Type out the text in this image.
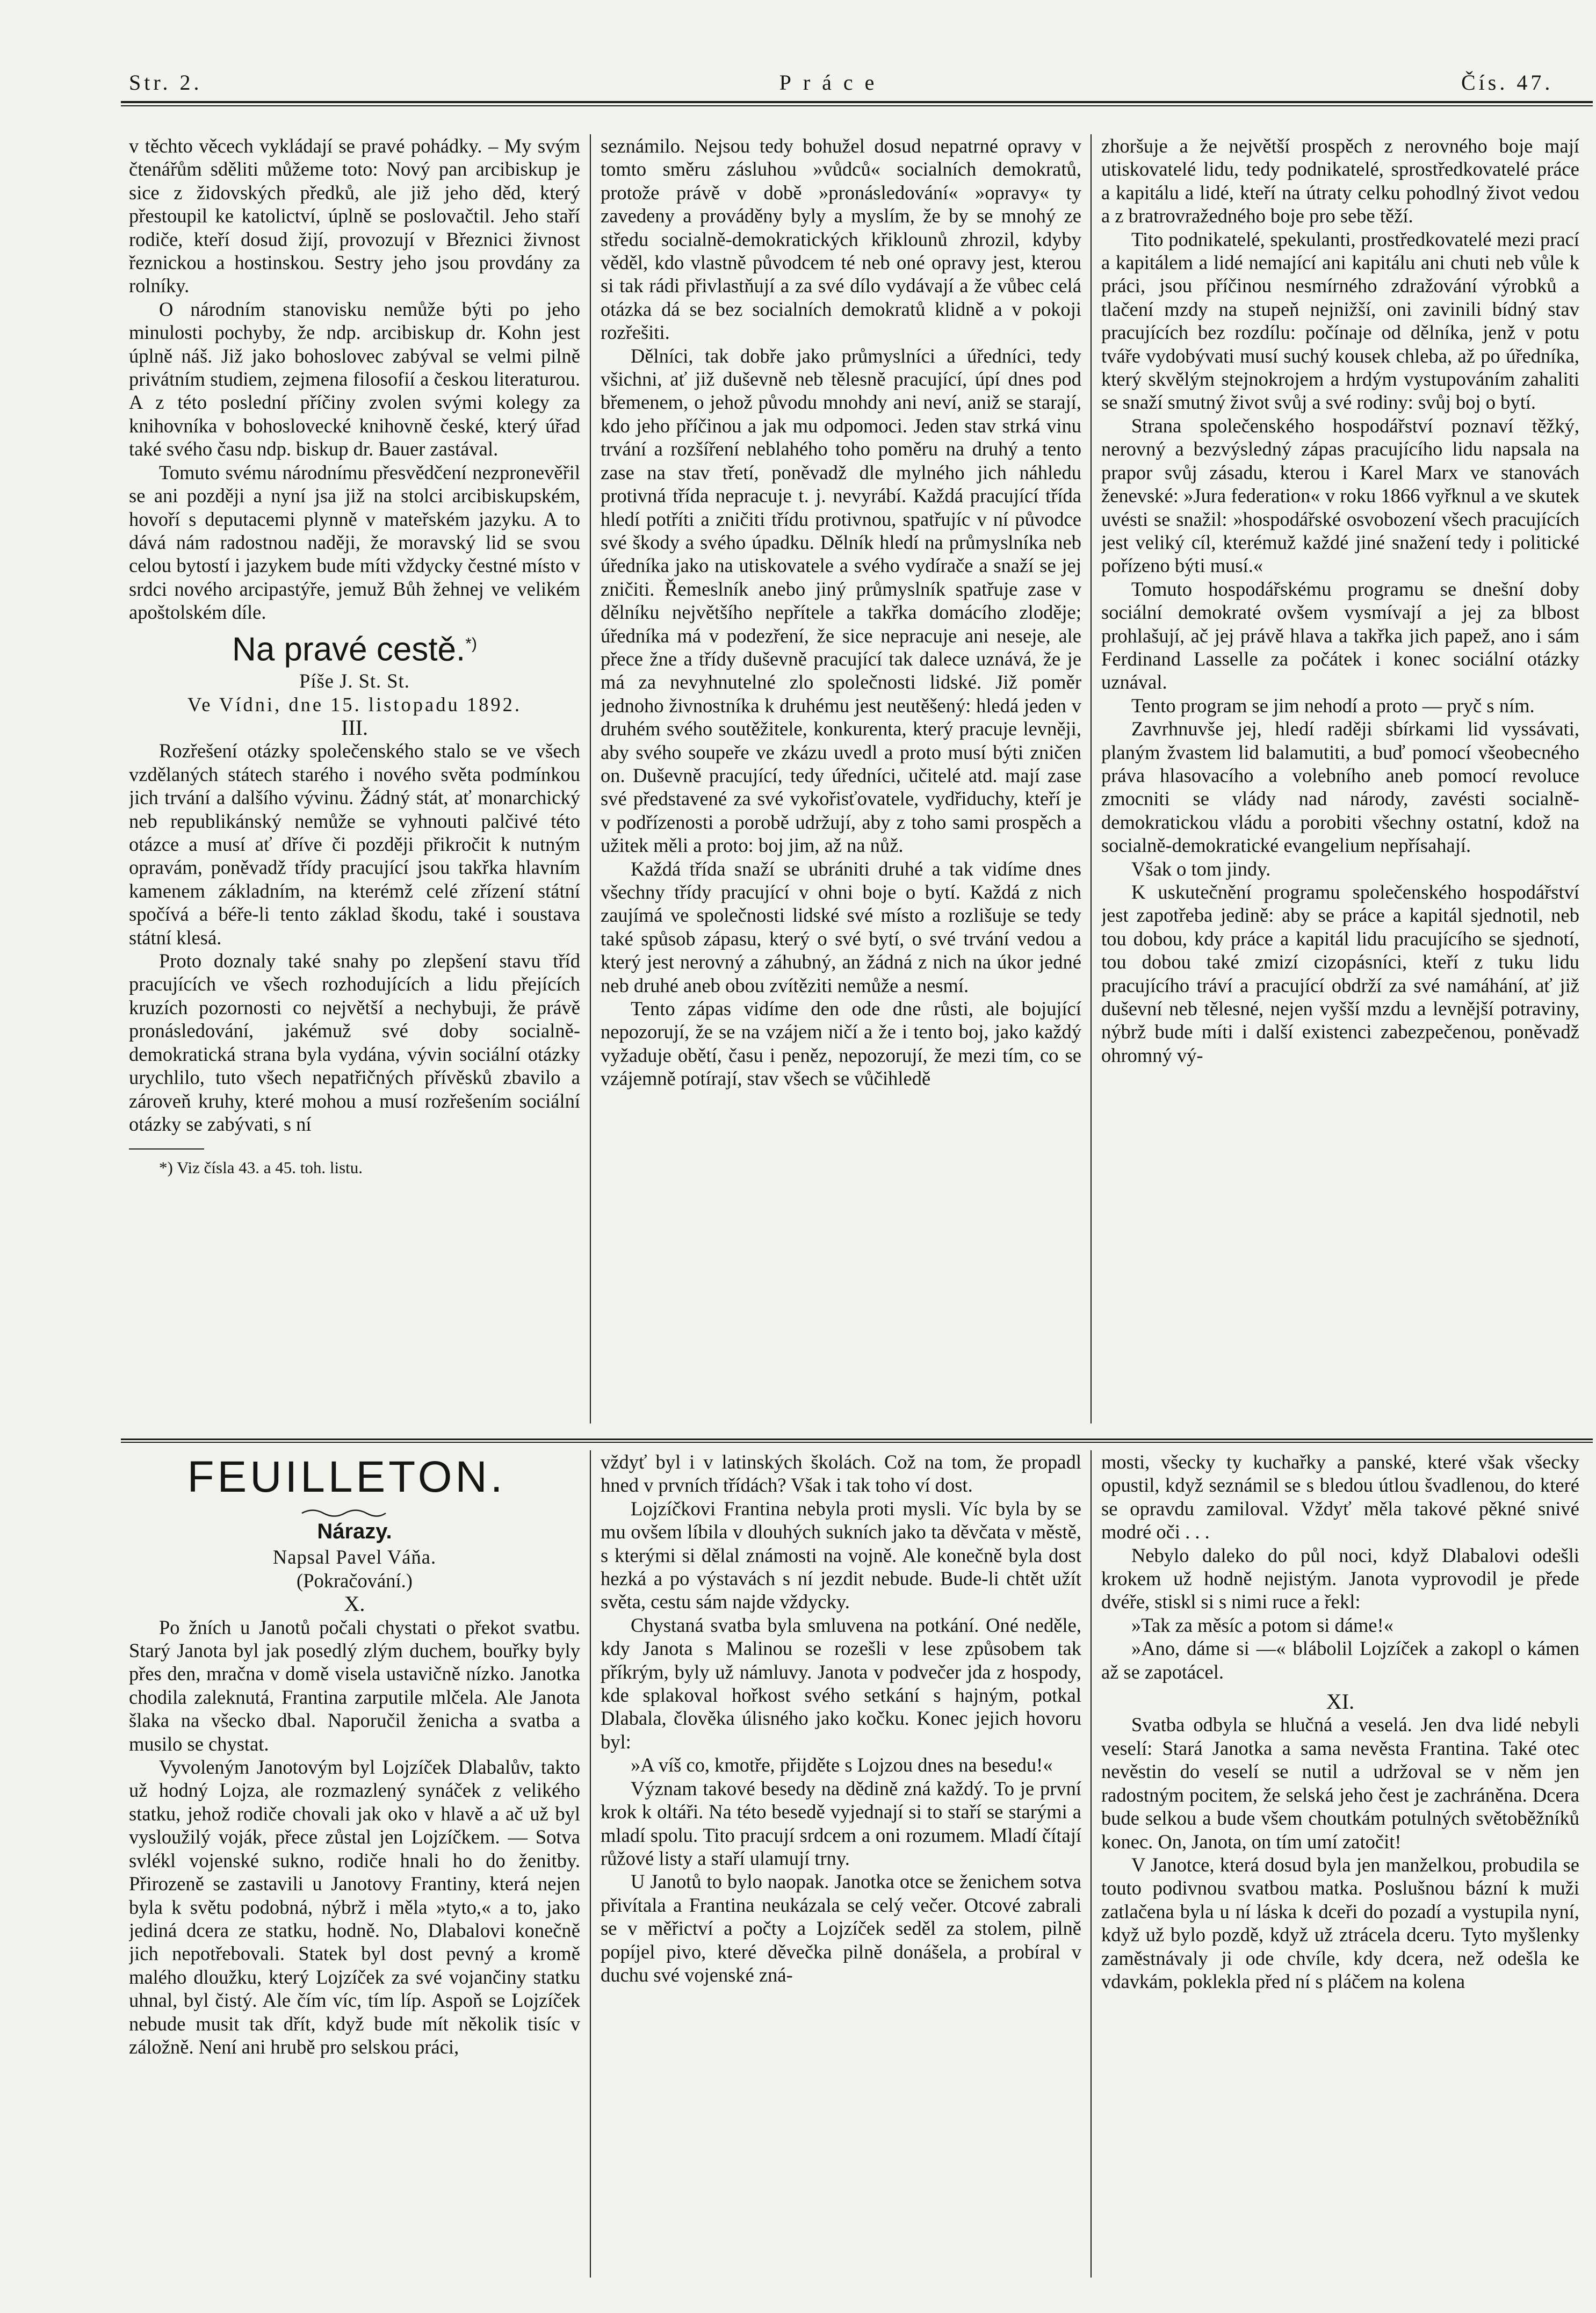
Str. 2.	Práce	Čís. 47.

v těchto věcech vykládají se pravé pohádky. – My svým čtenářům sděliti můžeme toto: Nový pan arcibiskup je sice z židovských předků, ale již jeho děd, který přestoupil ke katolictví, úplně se poslovačtil. Jeho staří rodiče, kteří dosud žijí, provozují v Březnici živnost řeznickou a hostinskou. Sestry jeho jsou provdány za rolníky.

O národním stanovisku nemůže býti po jeho minulosti pochyby, že ndp. arcibiskup dr. Kohn jest úplně náš. Již jako bohoslovec zabýval se velmi pilně privátním studiem, zejmena filosofií a českou literaturou. A z této poslední příčiny zvolen svými kolegy za knihovníka v bohoslovecké knihovně české, který úřad také svého času ndp. biskup dr. Bauer zastával.

Tomuto svému národnímu přesvědčení nezpronevěřil se ani později a nyní jsa již na stolci arcibiskupském, hovoří s deputacemi plynně v mateřském jazyku. A to dává nám radostnou naději, že moravský lid se svou celou bytostí i jazykem bude míti vždycky čestné místo v srdci nového arcipastýře, jemuž Bůh žehnej ve velikém apoštolském díle.

Na pravé cestě.*)

Píše J. St. St.

Ve Vídni, dne 15. listopadu 1892.

III.

Rozřešení otázky společenského stalo se ve všech vzdělaných státech starého i nového světa podmínkou jich trvání a dalšího vývinu. Žádný stát, ať monarchický neb republikánský nemůže se vyhnouti palčivé této otázce a musí ať dříve či později přikročit k nutným opravám, poněvadž třídy pracující jsou takřka hlavním kamenem základním, na kterémž celé zřízení státní spočívá a béře-li tento základ škodu, také i soustava státní klesá.

Proto doznaly také snahy po zlepšení stavu tříd pracujících ve všech rozhodujících a lidu přejících kruzích pozornosti co největší a nechybuji, že právě pronásledování, jakémuž své doby socialně-demokratická strana byla vydána, vývin sociální otázky urychlilo, tuto všech nepatřičných přívěsků zbavilo a zároveň kruhy, které mohou a musí rozřešením sociální otázky se zabývati, s ní

*) Viz čísla 43. a 45. toh. listu.

seznámilo. Nejsou tedy bohužel dosud nepatrné opravy v tomto směru zásluhou »vůdců« socialních demokratů, protože právě v době »pronásledování« »opravy« ty zavedeny a prováděny byly a myslím, že by se mnohý ze středu socialně-demokratických křiklounů zhrozil, kdyby věděl, kdo vlastně původcem té neb oné opravy jest, kterou si tak rádi přivlastňují a za své dílo vydávají a že vůbec celá otázka dá se bez socialních demokratů klidně a v pokoji rozřešiti.

Dělníci, tak dobře jako průmyslníci a úředníci, tedy všichni, ať již duševně neb tělesně pracující, úpí dnes pod břemenem, o jehož původu mnohdy ani neví, aniž se starají, kdo jeho příčinou a jak mu odpomoci. Jeden stav strká vinu trvání a rozšíření neblahého toho poměru na druhý a tento zase na stav třetí, poněvadž dle mylného jich náhledu protivná třída nepracuje t. j. nevyrábí. Každá pracující třída hledí potříti a zničiti třídu protivnou, spatřujíc v ní původce své škody a svého úpadku. Dělník hledí na průmyslníka neb úředníka jako na utiskovatele a svého vydírače a snaží se jej zničiti. Řemeslník anebo jiný průmyslník spatřuje zase v dělníku největšího nepřítele a takřka domácího zloděje; úředníka má v podezření, že sice nepracuje ani neseje, ale přece žne a třídy duševně pracující tak dalece uznává, že je má za nevyhnutelné zlo společnosti lidské. Již poměr jednoho živnostníka k druhému jest neutěšený: hledá jeden v druhém svého soutěžitele, konkurenta, který pracuje levněji, aby svého soupeře ve zkázu uvedl a proto musí býti zničen on. Duševně pracující, tedy úředníci, učitelé atd. mají zase své představené za své vykořisťovatele, vydřiduchy, kteří je v podřízenosti a porobě udržují, aby z toho sami prospěch a užitek měli a proto: boj jim, až na nůž.

Každá třída snaží se ubrániti druhé a tak vidíme dnes všechny třídy pracující v ohni boje o bytí. Každá z nich zaujímá ve společnosti lidské své místo a rozlišuje se tedy také spůsob zápasu, který o své bytí, o své trvání vedou a který jest nerovný a záhubný, an žádná z nich na úkor jedné neb druhé aneb obou zvítěziti nemůže a nesmí.

Tento zápas vidíme den ode dne růsti, ale bojující nepozorují, že se na vzájem ničí a že i tento boj, jako každý vyžaduje obětí, času i peněz, nepozorují, že mezi tím, co se vzájemně potírají, stav všech se vůčihledě

zhoršuje a že největší prospěch z nerovného boje mají utiskovatelé lidu, tedy podnikatelé, sprostředkovatelé práce a kapitálu a lidé, kteří na útraty celku pohodlný život vedou a z bratrovražedného boje pro sebe těží.

Tito podnikatelé, spekulanti, prostředkovatelé mezi prací a kapitálem a lidé nemající ani kapitálu ani chuti neb vůle k práci, jsou příčinou nesmírného zdražování výrobků a tlačení mzdy na stupeň nejnižší, oni zavinili bídný stav pracujících bez rozdílu: počínaje od dělníka, jenž v potu tváře vydobývati musí suchý kousek chleba, až po úředníka, který skvělým stejnokrojem a hrdým vystupováním zahaliti se snaží smutný život svůj a své rodiny: svůj boj o bytí.

Strana společenského hospodářství poznaví těžký, nerovný a bezvýsledný zápas pracujícího lidu napsala na prapor svůj zásadu, kterou i Karel Marx ve stanovách ženevské: »Jura federation« v roku 1866 vyřknul a ve skutek uvésti se snažil: »hospodářské osvobození všech pracujících jest veliký cíl, kterémuž každé jiné snažení tedy i politické pořízeno býti musí.«

Tomuto hospodářskému programu se dnešní doby sociální demokraté ovšem vysmívají a jej za blbost prohlašují, ač jej právě hlava a takřka jich papež, ano i sám Ferdinand Lasselle za počátek i konec sociální otázky uznával.

Tento program se jim nehodí a proto — pryč s ním.

Zavrhnuvše jej, hledí raději sbírkami lid vyssávati, planým žvastem lid balamutiti, a buď pomocí všeobecného práva hlasovacího a volebního aneb pomocí revoluce zmocniti se vlády nad národy, zavésti socialně-demokratickou vládu a porobiti všechny ostatní, kdož na socialně-demokratické evangelium nepřísahají.

Však o tom jindy.

K uskutečnění programu společenského hospodářství jest zapotřeba jedině: aby se práce a kapitál sjednotil, neb tou dobou, kdy práce a kapitál lidu pracujícího se sjednotí, tou dobou také zmizí cizopásníci, kteří z tuku lidu pracujícího tráví a pracující obdrží za své namáhání, ať již duševní neb tělesné, nejen vyšší mzdu a levnější potraviny, nýbrž bude míti i další existenci zabezpečenou, poněvadž ohromný vý-

FEUILLETON.

Nárazy.

Napsal Pavel Váňa.

(Pokračování.)

X.

Po žních u Janotů počali chystati o překot svatbu. Starý Janota byl jak posedlý zlým duchem, bouřky byly přes den, mračna v domě visela ustavičně nízko. Janotka chodila zaleknutá, Frantina zarputile mlčela. Ale Janota šlaka na všecko dbal. Naporučil ženicha a svatba a musilo se chystat.

Vyvoleným Janotovým byl Lojzíček Dlabalův, takto už hodný Lojza, ale rozmazlený synáček z velikého statku, jehož rodiče chovali jak oko v hlavě a ač už byl vysloužilý voják, přece zůstal jen Lojzíčkem. — Sotva svlékl vojenské sukno, rodiče hnali ho do ženitby. Přirozeně se zastavili u Janotovy Frantiny, která nejen byla k světu podobná, nýbrž i měla »tyto,« a to, jako jediná dcera ze statku, hodně. No, Dlabalovi konečně jich nepotřebovali. Statek byl dost pevný a kromě malého dloužku, který Lojzíček za své vojančiny statku uhnal, byl čistý. Ale čím víc, tím líp. Aspoň se Lojzíček nebude musit tak dřít, když bude mít několik tisíc v záložně. Není ani hrubě pro selskou práci,

vždyť byl i v latinských školách. Což na tom, že propadl hned v prvních třídách? Však i tak toho ví dost.

Lojzíčkovi Frantina nebyla proti mysli. Víc byla by se mu ovšem líbila v dlouhých sukních jako ta děvčata v městě, s kterými si dělal známosti na vojně. Ale konečně byla dost hezká a po výstavách s ní jezdit nebude. Bude-li chtět užít světa, cestu sám najde vždycky.

Chystaná svatba byla smluvena na potkání. Oné neděle, kdy Janota s Malinou se rozešli v lese způsobem tak příkrým, byly už námluvy. Janota v podvečer jda z hospody, kde splakoval hořkost svého setkání s hajným, potkal Dlabala, člověka úlisného jako kočku. Konec jejich hovoru byl:

»A víš co, kmotře, přijděte s Lojzou dnes na besedu!«

Význam takové besedy na dědině zná každý. To je první krok k oltáři. Na této besedě vyjednají si to staří se starými a mladí spolu. Tito pracují srdcem a oni rozumem. Mladí čítají růžové listy a staří ulamují trny.

U Janotů to bylo naopak. Janotka otce se ženichem sotva přivítala a Frantina neukázala se celý večer. Otcové zabrali se v měřictví a počty a Lojzíček seděl za stolem, pilně popíjel pivo, které děvečka pilně donášela, a probíral v duchu své vojenské zná-

mosti, všecky ty kuchařky a panské, které však všecky opustil, když seznámil se s bledou útlou švadlenou, do které se opravdu zamiloval. Vždyť měla takové pěkné snivé modré oči . . .

Nebylo daleko do půl noci, když Dlabalovi odešli krokem už hodně nejistým. Janota vyprovodil je přede dvéře, stiskl si s nimi ruce a řekl:

»Tak za měsíc a potom si dáme!«

»Ano, dáme si —« blábolil Lojzíček a zakopl o kámen až se zapotácel.

XI.

Svatba odbyla se hlučná a veselá. Jen dva lidé nebyli veselí: Stará Janotka a sama nevěsta Frantina. Také otec nevěstin do veselí se nutil a udržoval se v něm jen radostným pocitem, že selská jeho čest je zachráněna. Dcera bude selkou a bude všem choutkám potulných světoběžníků konec. On, Janota, on tím umí zatočit!

V Janotce, která dosud byla jen manželkou, probudila se touto podivnou svatbou matka. Poslušnou bázní k muži zatlačena byla u ní láska k dceři do pozadí a vystupila nyní, když už bylo pozdě, když už ztrácela dceru. Tyto myšlenky zaměstnávaly ji ode chvíle, kdy dcera, než odešla ke vdavkám, poklekla před ní s pláčem na kolena
